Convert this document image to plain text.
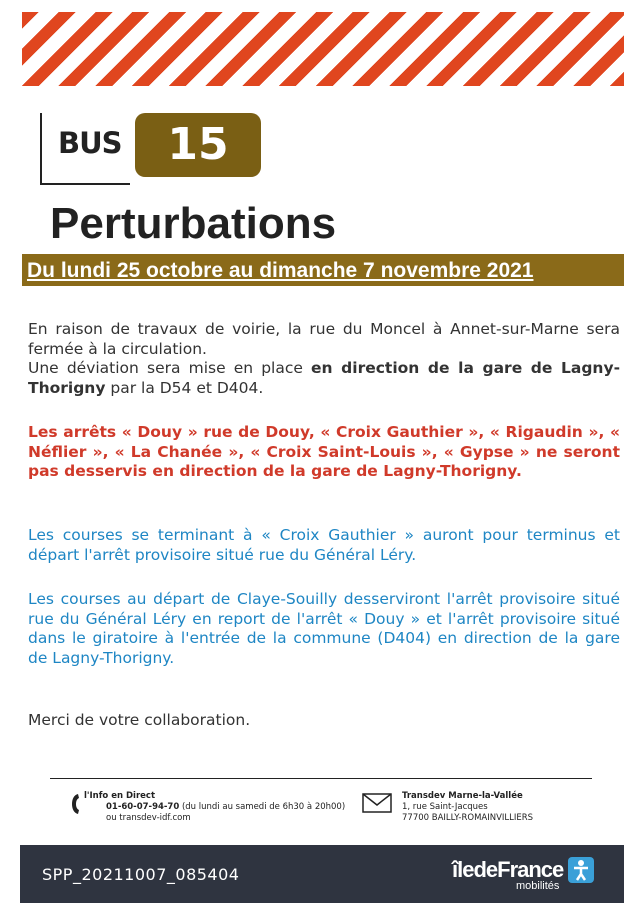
BUS	15
Perturbations
Du lundi 25 octobre au dimanche 7 novembre 2021
En raison de travaux de voirie, la rue du Moncel à Annet-sur-Marne sera fermée à la circulation.
Une déviation sera mise en place en direction de la gare de Lagny-Thorigny par la D54 et D404.

Les arrêts « Douy » rue de Douy, « Croix Gauthier », « Rigaudin », « Néflier », « La Chanée », « Croix Saint-Louis », « Gypse » ne seront pas desservis en direction de la gare de Lagny-Thorigny.

Les courses se terminant à « Croix Gauthier » auront pour terminus et départ l'arrêt provisoire situé rue du Général Léry.

Les courses au départ de Claye-Souilly desserviront l'arrêt provisoire situé rue du Général Léry en report de l'arrêt « Douy » et l'arrêt provisoire situé dans le giratoire à l'entrée de la commune (D404) en direction de la gare de Lagny-Thorigny.

Merci de votre collaboration.

l'Info en Direct
01-60-07-94-70 (du lundi au samedi de 6h30 à 20h00)
ou transdev-idf.com
Transdev Marne-la-Vallée
1, rue Saint-Jacques
77700 BAILLY-ROMAINVILLIERS
SPP_20211007_085404	îledeFrance
mobilités
